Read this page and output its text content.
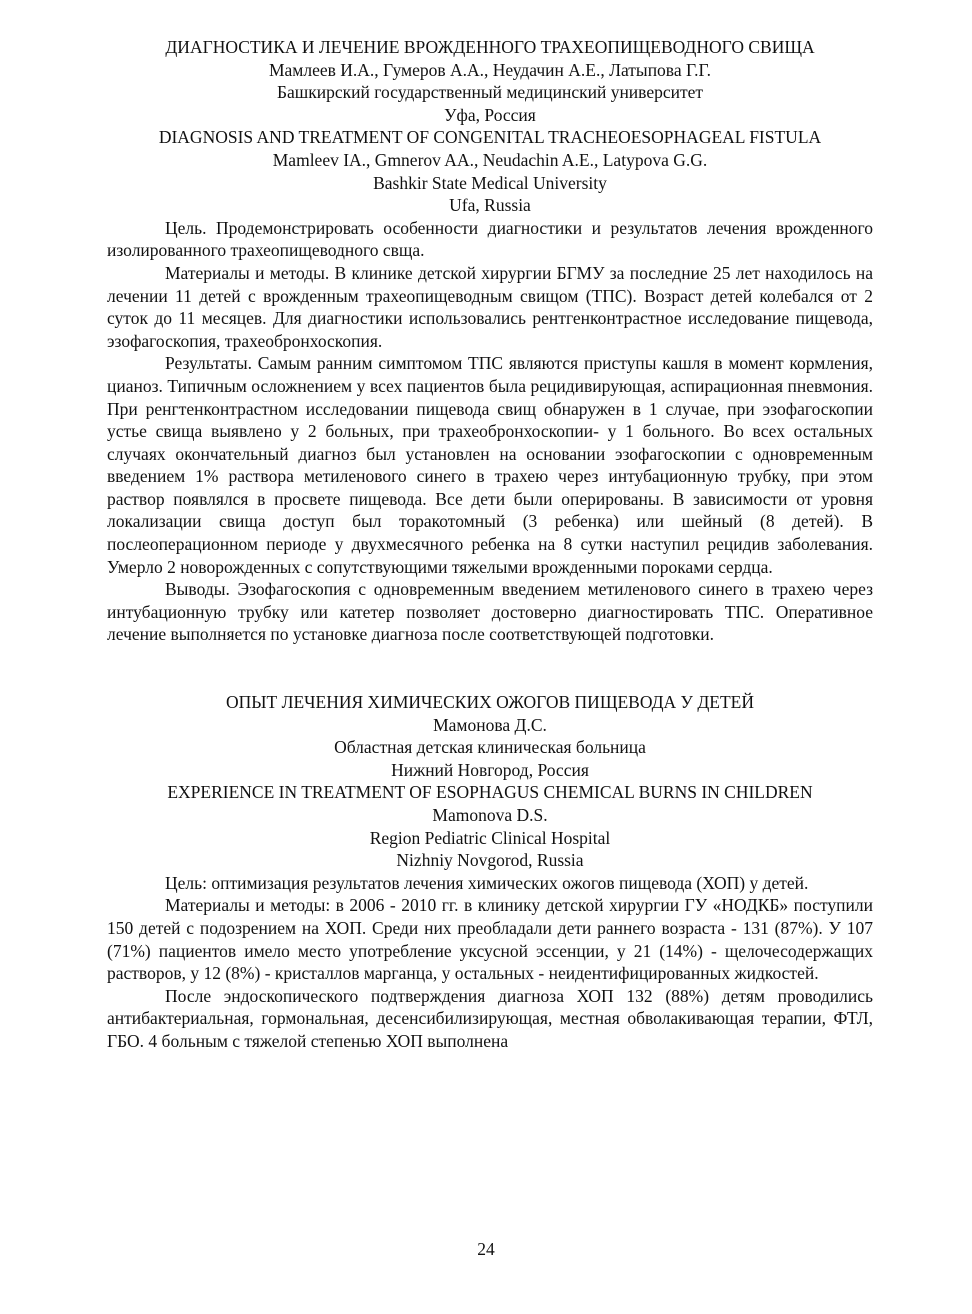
ДИАГНОСТИКА И ЛЕЧЕНИЕ ВРОЖДЕННОГО ТРАХЕОПИЩЕВОДНОГО СВИЩА

Мамлеев И.А., Гумеров А.А., Неудачин А.Е., Латыпова Г.Г.

Башкирский государственный медицинский университет

Уфа, Россия

DIAGNOSIS AND TREATMENT OF CONGENITAL TRACHEOESOPHAGEAL FISTULA

Mamleev IA., Gmnerov AA., Neudachin A.E., Latypova G.G.

Bashkir State Medical University

Ufa, Russia

Цель. Продемонстрировать особенности диагностики и результатов лечения врожденного изолированного трахеопищеводного свща.

Материалы и методы. В клинике детской хирургии БГМУ за последние 25 лет находилось на лечении 11 детей с врожденным трахеопищеводным свищом (ТПС). Возраст детей колебался от 2 суток до 11 месяцев. Для диагностики использовались рентгенконтрастное исследование пищевода, эзофагоскопия, трахеобронхоскопия.

Результаты. Самым ранним симптомом ТПС являются приступы кашля в момент кормления, цианоз. Типичным осложнением у всех пациентов была рецидивирующая, аспирационная пневмония. При ренгтенконтрастном исследовании пищевода свищ обнаружен в 1 случае, при эзофагоскопии устье свища выявлено у 2 больных, при трахеобронхоскопии- у 1 больного. Во всех остальных случаях окончательный диагноз был установлен на основании эзофагоскопии с одновременным введением 1% раствора метиленового синего в трахею через интубационную трубку, при этом раствор появлялся в просвете пищевода. Все дети были оперированы. В зависимости от уровня локализации свища доступ был торакотомный (3 ребенка) или шейный (8 детей). В послеоперационном периоде у двухмесячного ребенка на 8 сутки наступил рецидив заболевания. Умерло 2 новорожденных с сопутствующими тяжелыми врожденными пороками сердца.

Выводы. Эзофагоскопия с одновременным введением метиленового синего в трахею через интубационную трубку или катетер позволяет достоверно диагностировать ТПС. Оперативное лечение выполняется по установке диагноза после соответствующей подготовки.

ОПЫТ ЛЕЧЕНИЯ ХИМИЧЕСКИХ ОЖОГОВ ПИЩЕВОДА У ДЕТЕЙ

Мамонова Д.С.

Областная детская клиническая больница

Нижний Новгород, Россия

EXPERIENCE IN TREATMENT OF ESOPHAGUS CHEMICAL BURNS IN CHILDREN

Mamonova D.S.

Region Pediatric Clinical Hospital

Nizhniy Novgorod, Russia

Цель: оптимизация результатов лечения химических ожогов пищевода (ХОП) у детей.

Материалы и методы: в 2006 - 2010 гг. в клинику детской хирургии ГУ «НОДКБ» поступили 150 детей с подозрением на ХОП. Среди них преобладали дети раннего возраста - 131 (87%). У 107 (71%) пациентов имело место употребление уксусной эссенции, у 21 (14%) - щелочесодержащих растворов, у 12 (8%) - кристаллов марганца, у остальных - неидентифицированных жидкостей.

После эндоскопического подтверждения диагноза ХОП 132 (88%) детям проводились антибактериальная, гормональная, десенсибилизирующая, местная обволакивающая терапии, ФТЛ, ГБО. 4 больным с тяжелой степенью ХОП выполнена

24
